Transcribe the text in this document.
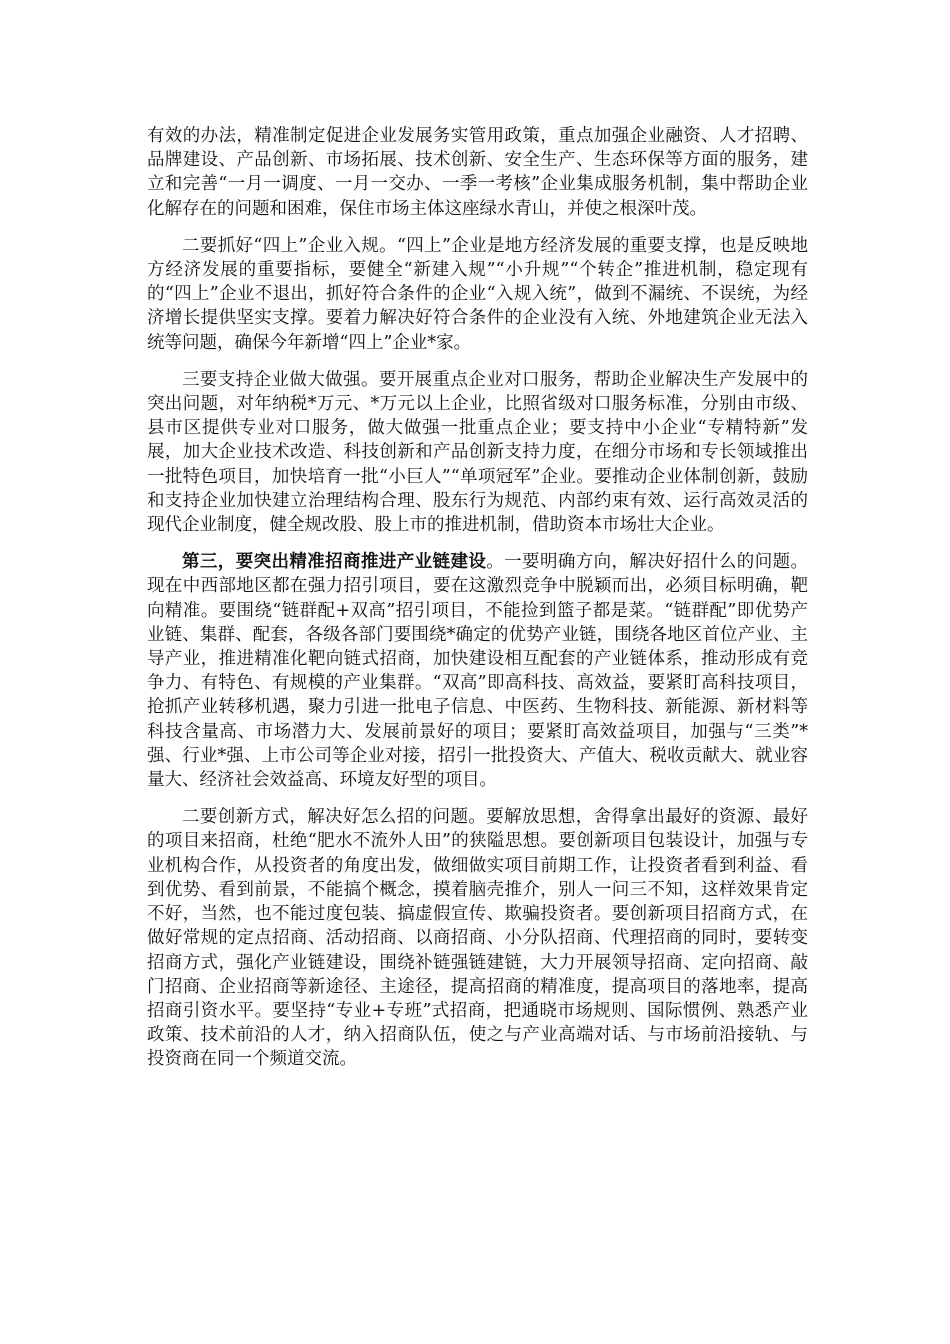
有效的办法，精准制定促进企业发展务实管用政策，重点加强企业融资、人才招聘、品牌建设、产品创新、市场拓展、技术创新、安全生产、生态环保等方面的服务，建立和完善“一月一调度、一月一交办、一季一考核”企业集成服务机制，集中帮助企业化解存在的问题和困难，保住市场主体这座绿水青山，并使之根深叶茂。

二要抓好“四上”企业入规。“四上”企业是地方经济发展的重要支撑，也是反映地方经济发展的重要指标，要健全“新建入规”“小升规”“个转企”推进机制，稳定现有的“四上”企业不退出，抓好符合条件的企业“入规入统”，做到不漏统、不误统，为经济增长提供坚实支撑。要着力解决好符合条件的企业没有入统、外地建筑企业无法入统等问题，确保今年新增“四上”企业*家。

三要支持企业做大做强。要开展重点企业对口服务，帮助企业解决生产发展中的突出问题，对年纳税*万元、*万元以上企业，比照省级对口服务标准，分别由市级、县市区提供专业对口服务，做大做强一批重点企业；要支持中小企业“专精特新”发展，加大企业技术改造、科技创新和产品创新支持力度，在细分市场和专长领域推出一批特色项目，加快培育一批“小巨人”“单项冠军”企业。要推动企业体制创新，鼓励和支持企业加快建立治理结构合理、股东行为规范、内部约束有效、运行高效灵活的现代企业制度，健全规改股、股上市的推进机制，借助资本市场壮大企业。

第三，要突出精准招商推进产业链建设。一要明确方向，解决好招什么的问题。现在中西部地区都在强力招引项目，要在这激烈竞争中脱颖而出，必须目标明确，靶向精准。要围绕“链群配+双高”招引项目，不能捡到篮子都是菜。“链群配”即优势产业链、集群、配套，各级各部门要围绕*确定的优势产业链，围绕各地区首位产业、主导产业，推进精准化靶向链式招商，加快建设相互配套的产业链体系，推动形成有竞争力、有特色、有规模的产业集群。“双高”即高科技、高效益，要紧盯高科技项目，抢抓产业转移机遇，聚力引进一批电子信息、中医药、生物科技、新能源、新材料等科技含量高、市场潜力大、发展前景好的项目；要紧盯高效益项目，加强与“三类”*强、行业*强、上市公司等企业对接，招引一批投资大、产值大、税收贡献大、就业容量大、经济社会效益高、环境友好型的项目。

二要创新方式，解决好怎么招的问题。要解放思想，舍得拿出最好的资源、最好的项目来招商，杜绝“肥水不流外人田”的狭隘思想。要创新项目包装设计，加强与专业机构合作，从投资者的角度出发，做细做实项目前期工作，让投资者看到利益、看到优势、看到前景，不能搞个概念，摸着脑壳推介，别人一问三不知，这样效果肯定不好，当然，也不能过度包装、搞虚假宣传、欺骗投资者。要创新项目招商方式，在做好常规的定点招商、活动招商、以商招商、小分队招商、代理招商的同时，要转变招商方式，强化产业链建设，围绕补链强链建链，大力开展领导招商、定向招商、敲门招商、企业招商等新途径、主途径，提高招商的精准度，提高项目的落地率，提高招商引资水平。要坚持“专业+专班”式招商，把通晓市场规则、国际惯例、熟悉产业政策、技术前沿的人才，纳入招商队伍，使之与产业高端对话、与市场前沿接轨、与投资商在同一个频道交流。
